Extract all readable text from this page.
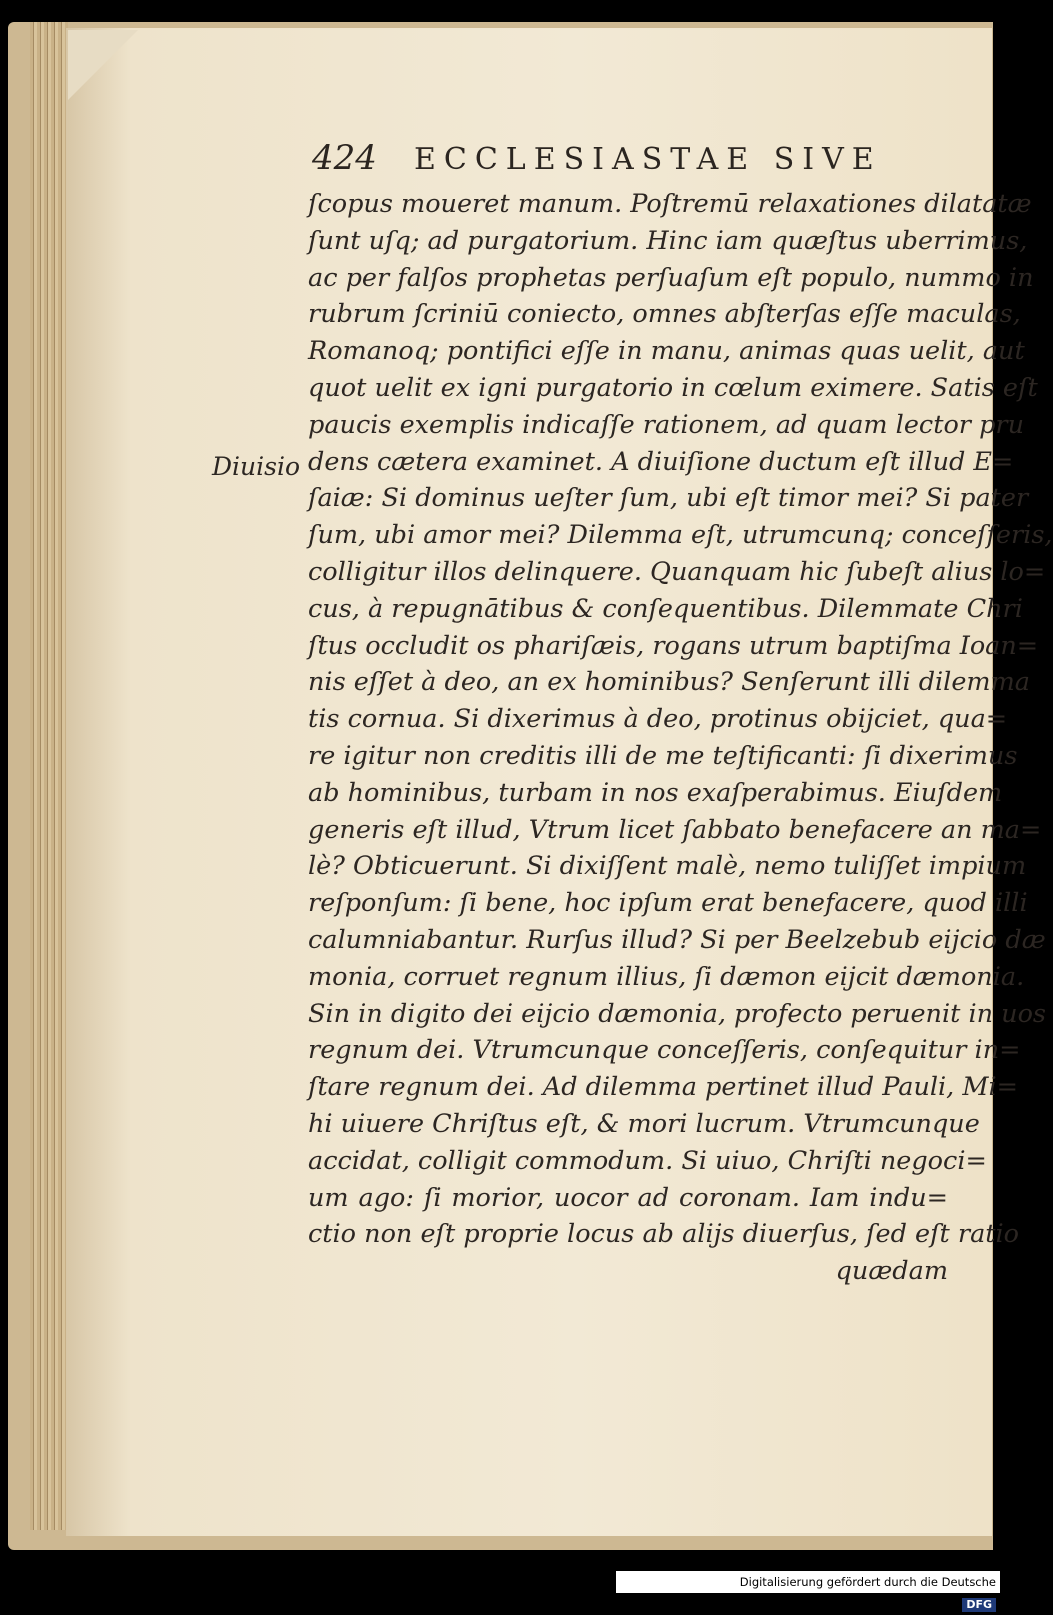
424 ECCLESIASTAE SIVE
Diuisio
ſcopus moueret manum. Poſtremū relaxationes dilatatæ
ſunt uſq; ad purgatorium. Hinc iam quæſtus uberrimus,
ac per falſos prophetas perſuaſum eſt populo, nummo in
rubrum ſcriniū coniecto, omnes abſterſas eſſe maculas,
Romanoq; pontifici eſſe in manu, animas quas uelit, aut
quot uelit ex igni purgatorio in cœlum eximere. Satis eſt
paucis exemplis indicaſſe rationem, ad quam lector pru
dens cætera examinet. A diuiſione ductum eſt illud E=
ſaiæ: Si dominus ueſter ſum, ubi eſt timor mei? Si pater
ſum, ubi amor mei? Dilemma eſt, utrumcunq; conceſſeris,
colligitur illos delinquere. Quanquam hic ſubeſt alius lo=
cus, à repugnātibus & conſequentibus. Dilemmate Chri
ſtus occludit os phariſæis, rogans utrum baptiſma Ioan=
nis eſſet à deo, an ex hominibus? Senſerunt illi dilemma
tis cornua. Si dixerimus à deo, protinus obijciet, qua=
re igitur non creditis illi de me teſtificanti: ſi dixerimus
ab hominibus, turbam in nos exaſperabimus. Eiuſdem
generis eſt illud, Vtrum licet ſabbato benefacere an ma=
lè? Obticuerunt. Si dixiſſent malè, nemo tuliſſet impium
reſponſum: ſi bene, hoc ipſum erat benefacere, quod illi
calumniabantur. Rurſus illud? Si per Beelzebub eijcio dæ
monia, corruet regnum illius, ſi dæmon eijcit dæmonia.
Sin in digito dei eijcio dæmonia, profecto peruenit in uos
regnum dei. Vtrumcunque conceſſeris, conſequitur in=
ſtare regnum dei. Ad dilemma pertinet illud Pauli, Mi=
hi uiuere Chriſtus eſt, & mori lucrum. Vtrumcunque
accidat, colligit commodum. Si uiuo, Chriſti negoci=
um ago: ſi morior, uocor ad coronam. Iam indu=
ctio non eſt proprie locus ab alijs diuerſus, ſed eſt ratio
quædam
Digitalisierung gefördert durch die Deutsche Forschungsgemeinschaft · DFG
